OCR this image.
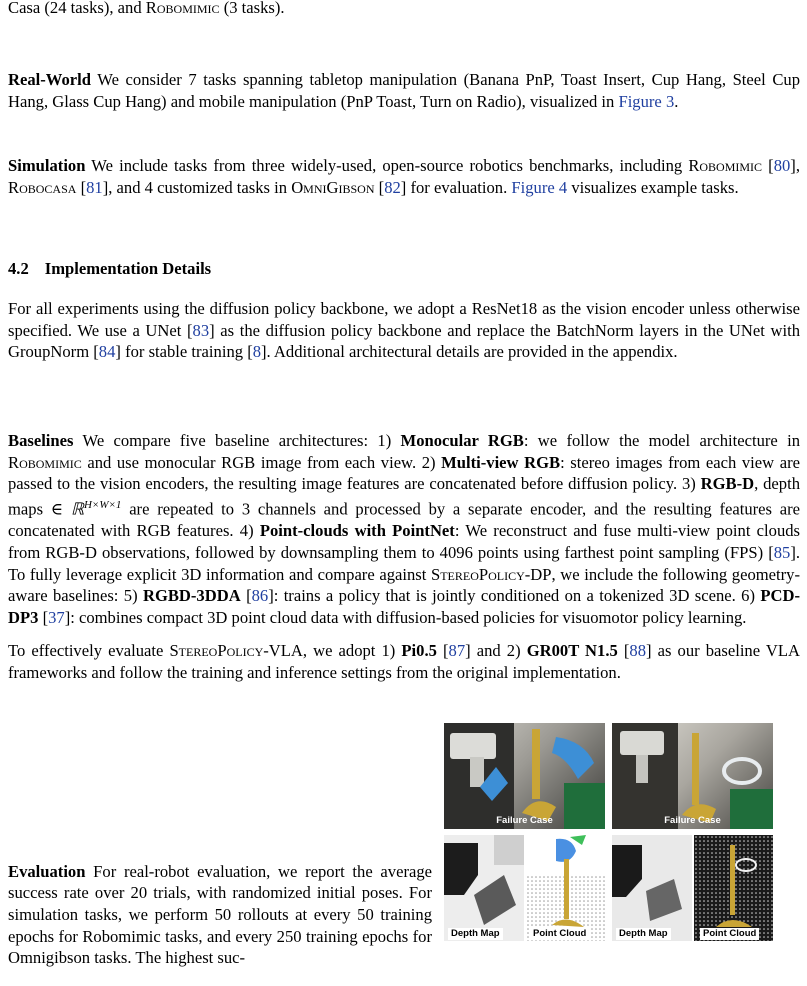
Casa (24 tasks), and Robomimic (3 tasks).

Real-World We consider 7 tasks spanning tabletop manipulation (Banana PnP, Toast Insert, Cup Hang, Steel Cup Hang, Glass Cup Hang) and mobile manipulation (PnP Toast, Turn on Radio), visualized in Figure 3.

Simulation We include tasks from three widely-used, open-source robotics benchmarks, including Robomimic [80], Robocasa [81], and 4 customized tasks in OmniGibson [82] for evaluation. Figure 4 visualizes example tasks.

4.2 Implementation Details

For all experiments using the diffusion policy backbone, we adopt a ResNet18 as the vision encoder unless otherwise specified. We use a UNet [83] as the diffusion policy backbone and replace the BatchNorm layers in the UNet with GroupNorm [84] for stable training [8]. Additional architectural details are provided in the appendix.

Baselines We compare five baseline architectures: 1) Monocular RGB: we follow the model architecture in Robomimic and use monocular RGB image from each view. 2) Multi-view RGB: stereo images from each view are passed to the vision encoders, the resulting image features are concatenated before diffusion policy. 3) RGB-D, depth maps ∈ ℝ$^{H\times W\times 1}$ are repeated to 3 channels and processed by a separate encoder, and the resulting features are concatenated with RGB features. 4) Point-clouds with PointNet: We reconstruct and fuse multi-view point clouds from RGB-D observations, followed by downsampling them to 4096 points using farthest point sampling (FPS) [85]. To fully leverage explicit 3D information and compare against StereoPolicy-DP, we include the following geometry-aware baselines: 5) RGBD-3DDA [86]: trains a policy that is jointly conditioned on a tokenized 3D scene. 6) PCD-DP3 [37]: combines compact 3D point cloud data with diffusion-based policies for visuomotor policy learning.

To effectively evaluate StereoPolicy-VLA, we adopt 1) Pi0.5 [87] and 2) GR00T N1.5 [88] as our baseline VLA frameworks and follow the training and inference settings from the original implementation.

Evaluation For real-robot evaluation, we report the average success rate over 20 trials, with randomized initial poses. For simulation tasks, we perform 50 rollouts at every 50 training epochs for Robomimic tasks, and every 250 training epochs for Omnigibson tasks. The highest suc-

Failure Case	Failure Case
Depth Map	Point Cloud	Depth Map	Point Cloud
